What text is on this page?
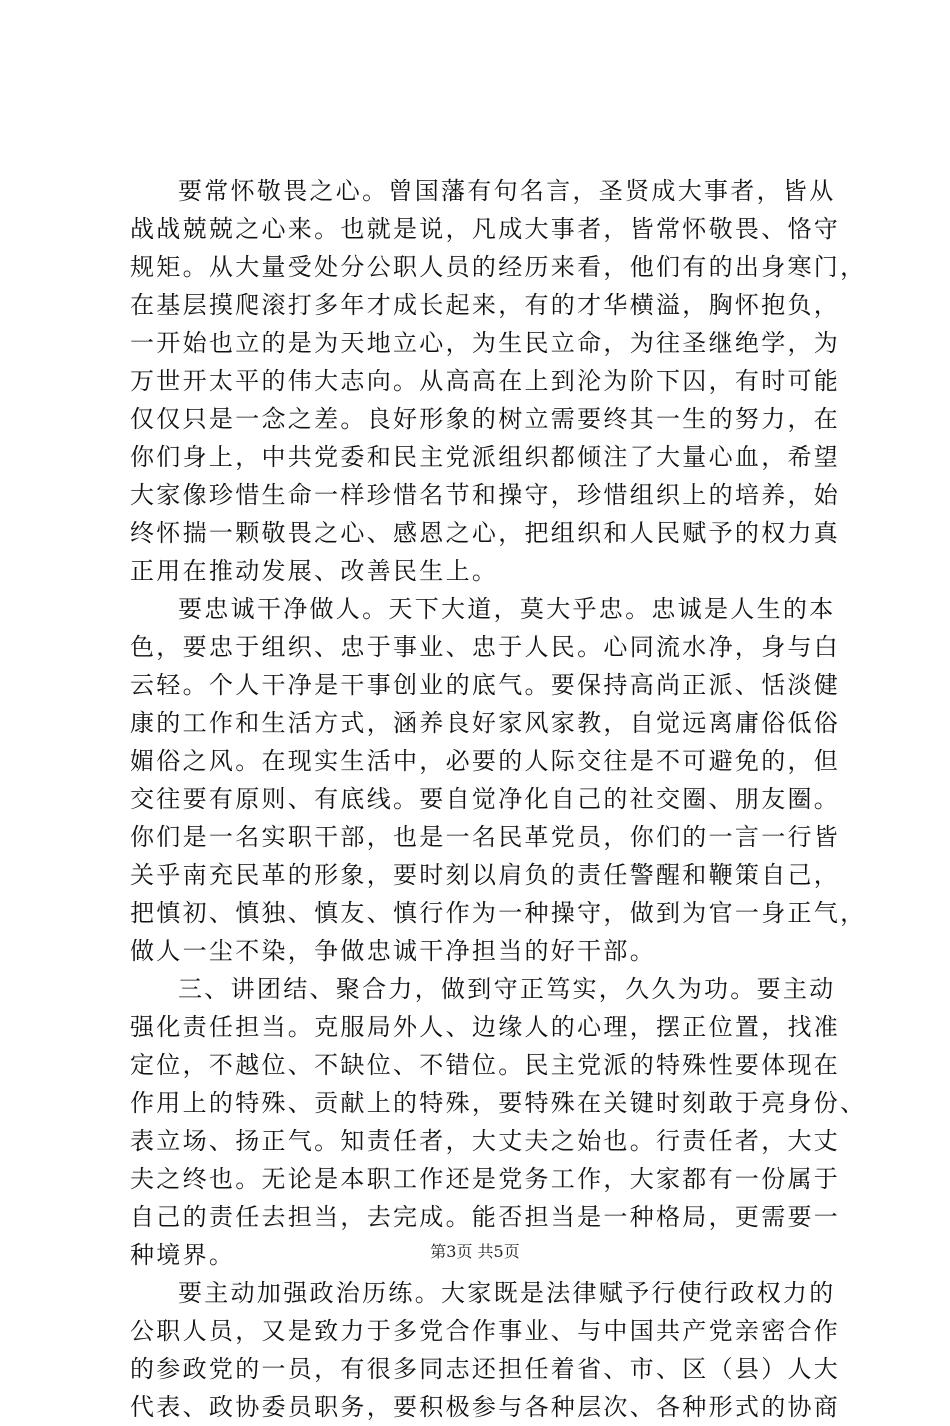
要常怀敬畏之心。曾国藩有句名言，圣贤成大事者，皆从
战战兢兢之心来。也就是说，凡成大事者，皆常怀敬畏、恪守
规矩。从大量受处分公职人员的经历来看，他们有的出身寒门，
在基层摸爬滚打多年才成长起来，有的才华横溢，胸怀抱负，
一开始也立的是为天地立心，为生民立命，为往圣继绝学，为
万世开太平的伟大志向。从高高在上到沦为阶下囚，有时可能
仅仅只是一念之差。良好形象的树立需要终其一生的努力，在
你们身上，中共党委和民主党派组织都倾注了大量心血，希望
大家像珍惜生命一样珍惜名节和操守，珍惜组织上的培养，始
终怀揣一颗敬畏之心、感恩之心，把组织和人民赋予的权力真
正用在推动发展、改善民生上。
要忠诚干净做人。天下大道，莫大乎忠。忠诚是人生的本
色，要忠于组织、忠于事业、忠于人民。心同流水净，身与白
云轻。个人干净是干事创业的底气。要保持高尚正派、恬淡健
康的工作和生活方式，涵养良好家风家教，自觉远离庸俗低俗
媚俗之风。在现实生活中，必要的人际交往是不可避免的，但
交往要有原则、有底线。要自觉净化自己的社交圈、朋友圈。
你们是一名实职干部，也是一名民革党员，你们的一言一行皆
关乎南充民革的形象，要时刻以肩负的责任警醒和鞭策自己，
把慎初、慎独、慎友、慎行作为一种操守，做到为官一身正气，
做人一尘不染，争做忠诚干净担当的好干部。
三、讲团结、聚合力，做到守正笃实，久久为功。要主动
强化责任担当。克服局外人、边缘人的心理，摆正位置，找准
定位，不越位、不缺位、不错位。民主党派的特殊性要体现在
作用上的特殊、贡献上的特殊，要特殊在关键时刻敢于亮身份、
表立场、扬正气。知责任者，大丈夫之始也。行责任者，大丈
夫之终也。无论是本职工作还是党务工作，大家都有一份属于
自己的责任去担当，去完成。能否担当是一种格局，更需要一
种境界。
要主动加强政治历练。大家既是法律赋予行使行政权力的
公职人员，又是致力于多党合作事业、与中国共产党亲密合作
的参政党的一员，有很多同志还担任着省、市、区（县）人大
代表、政协委员职务，要积极参与各种层次、各种形式的协商
第3页 共5页
